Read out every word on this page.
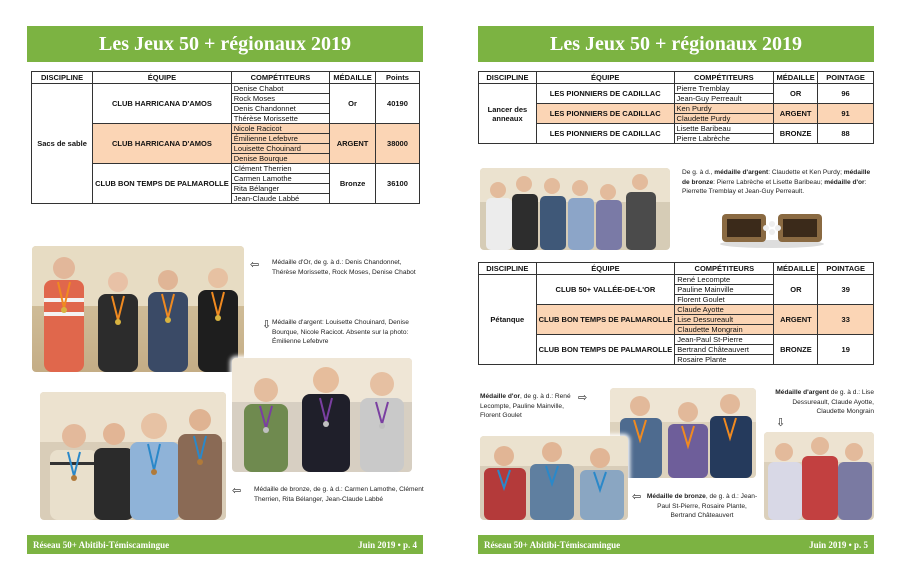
Les Jeux 50 + régionaux 2019
DISCIPLINE	ÉQUIPE	COMPÉTITEURS	MÉDAILLE	Points
Sacs de sable	CLUB HARRICANA D'AMOS	Denise Chabot	Or	40190
		Rock Moses		
		Denis Chandonnet		
		Thérèse Morissette		
	CLUB HARRICANA D'AMOS	Nicole Racicot	ARGENT	38000
		Émilienne Lefebvre		
		Louisette Chouinard		
		Denise Bourque		
	CLUB BON TEMPS DE PALMAROLLE	Clément Therrien	Bronze	36100
		Carmen Lamothe		
		Rita Bélanger		
		Jean-Claude Labbé		
⇦ Médaille d'Or, de g. à d.: Denis Chandonnet, Thérèse Morissette, Rock Moses, Denise Chabot
⇩ Médaille d'argent: Louisette Chouinard, Denise Bourque, Nicole Racicot. Absente sur la photo: Émilienne Lefebvre
⇦ Médaille de bronze, de g. à d.: Carmen Lamothe, Clément Therrien, Rita Bélanger, Jean-Claude Labbé
Réseau 50+ Abitibi-Témiscamingue	Juin 2019 • p. 4
Les Jeux 50 + régionaux 2019
DISCIPLINE	ÉQUIPE	COMPÉTITEURS	MÉDAILLE	POINTAGE
Lancer des anneaux	LES PIONNIERS DE CADILLAC	Pierre Tremblay	OR	96
		Jean-Guy Perreault		
	LES PIONNIERS DE CADILLAC	Ken Purdy	ARGENT	91
		Claudette Purdy		
	LES PIONNIERS DE CADILLAC	Lisette Baribeau	BRONZE	88
		Pierre Labrèche		
De g. à d., médaille d'argent: Claudette et Ken Purdy; médaille de bronze: Pierre Labrèche et Lisette Baribeau; médaille d'or: Pierrette Tremblay et Jean-Guy Perreault.
DISCIPLINE	ÉQUIPE	COMPÉTITEURS	MÉDAILLE	POINTAGE
Pétanque	CLUB 50+ VALLÉE-DE-L'OR	René Lecompte	OR	39
		Pauline Mainville		
		Florent Goulet		
	CLUB BON TEMPS DE PALMAROLLE	Claude Ayotte	ARGENT	33
		Lise Dessureault		
		Claudette Mongrain		
	CLUB BON TEMPS DE PALMAROLLE	Jean-Paul St-Pierre	BRONZE	19
		Bertrand Châteauvert		
		Rosaire Plante		
Médaille d'or, de g. à d.: René Lecompte, Pauline Mainville, Florent Goulet
⇨	Médaille d'argent de g. à d.: Lise Dessureault, Claude Ayotte, Claudette Mongrain
⇩
⇦ Médaille de bronze, de g. à d.: Jean-Paul St-Pierre, Rosaire Plante, Bertrand Châteauvert
Réseau 50+ Abitibi-Témiscamingue	Juin 2019 • p. 5
